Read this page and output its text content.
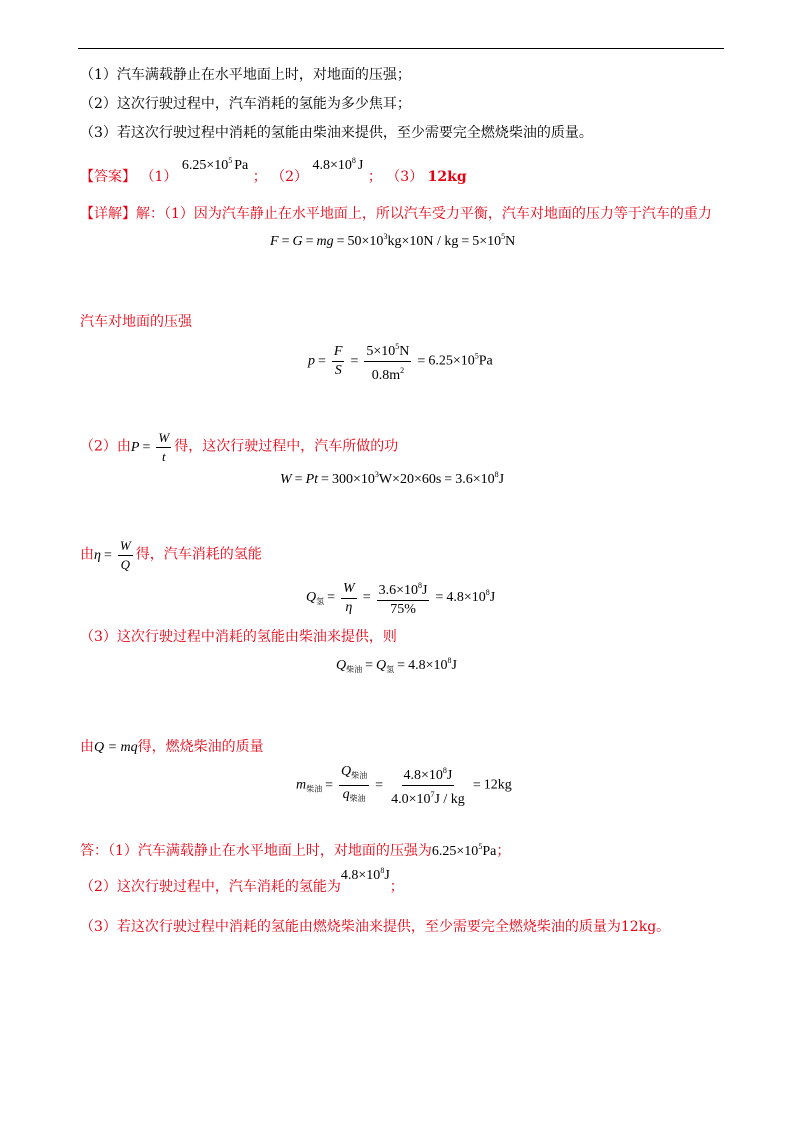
（1）汽车满载静止在水平地面上时，对地面的压强；
（2）这次行驶过程中，汽车消耗的氢能为多少焦耳；
（3）若这次行驶过程中消耗的氢能由柴油来提供，至少需要完全燃烧柴油的质量。
【答案】 （1） $6.25\times 10^5$ Pa ； （2） $4.8\times 10^8$ J ； （3） 12kg
【详解】解：（1）因为汽车静止在水平地面上，所以汽车受力平衡，汽车对地面的压力等于汽车的重力
F = G = mg = $50\times 10^3kg\times 10N$ / kg = $5\times 10^5N$
汽车对地面的压强
$p = \frac{F}{S} = \frac{5\times 10^5N}{0.8m^2} = 6.25\times 10^5Pa$
（2）由$P = \frac{W}{t}$ 得，这次行驶过程中，汽车所做的功
$W = Pt = 300\times 10^3W\times 20\times 60s = 3.6\times 10^8J$
由$\eta = \frac{W}{Q}$ 得，汽车消耗的氢能
$Q_氢 = \frac{W}{\eta} = \frac{3.6\times 10^8J}{75\%} = 4.8\times 10^8J$
（3）这次行驶过程中消耗的氢能由柴油来提供，则
$Q_{柴油} = Q_氢 = 4.8\times 10^8J$
由Q = mq得，燃烧柴油的质量
$m_{柴油} = \frac{Q_{柴油}}{q_{柴油}} = \frac{4.8\times 10^8J}{4.0\times 10^7J / kg} = 12kg$
答：（1）汽车满载静止在水平地面上时，对地面的压强为$6.25\times 10^5Pa$；
（2）这次行驶过程中，汽车消耗的氢能为$4.8\times 10^8J$；
（3）若这次行驶过程中消耗的氢能由燃烧柴油来提供，至少需要完全燃烧柴油的质量为12kg。
